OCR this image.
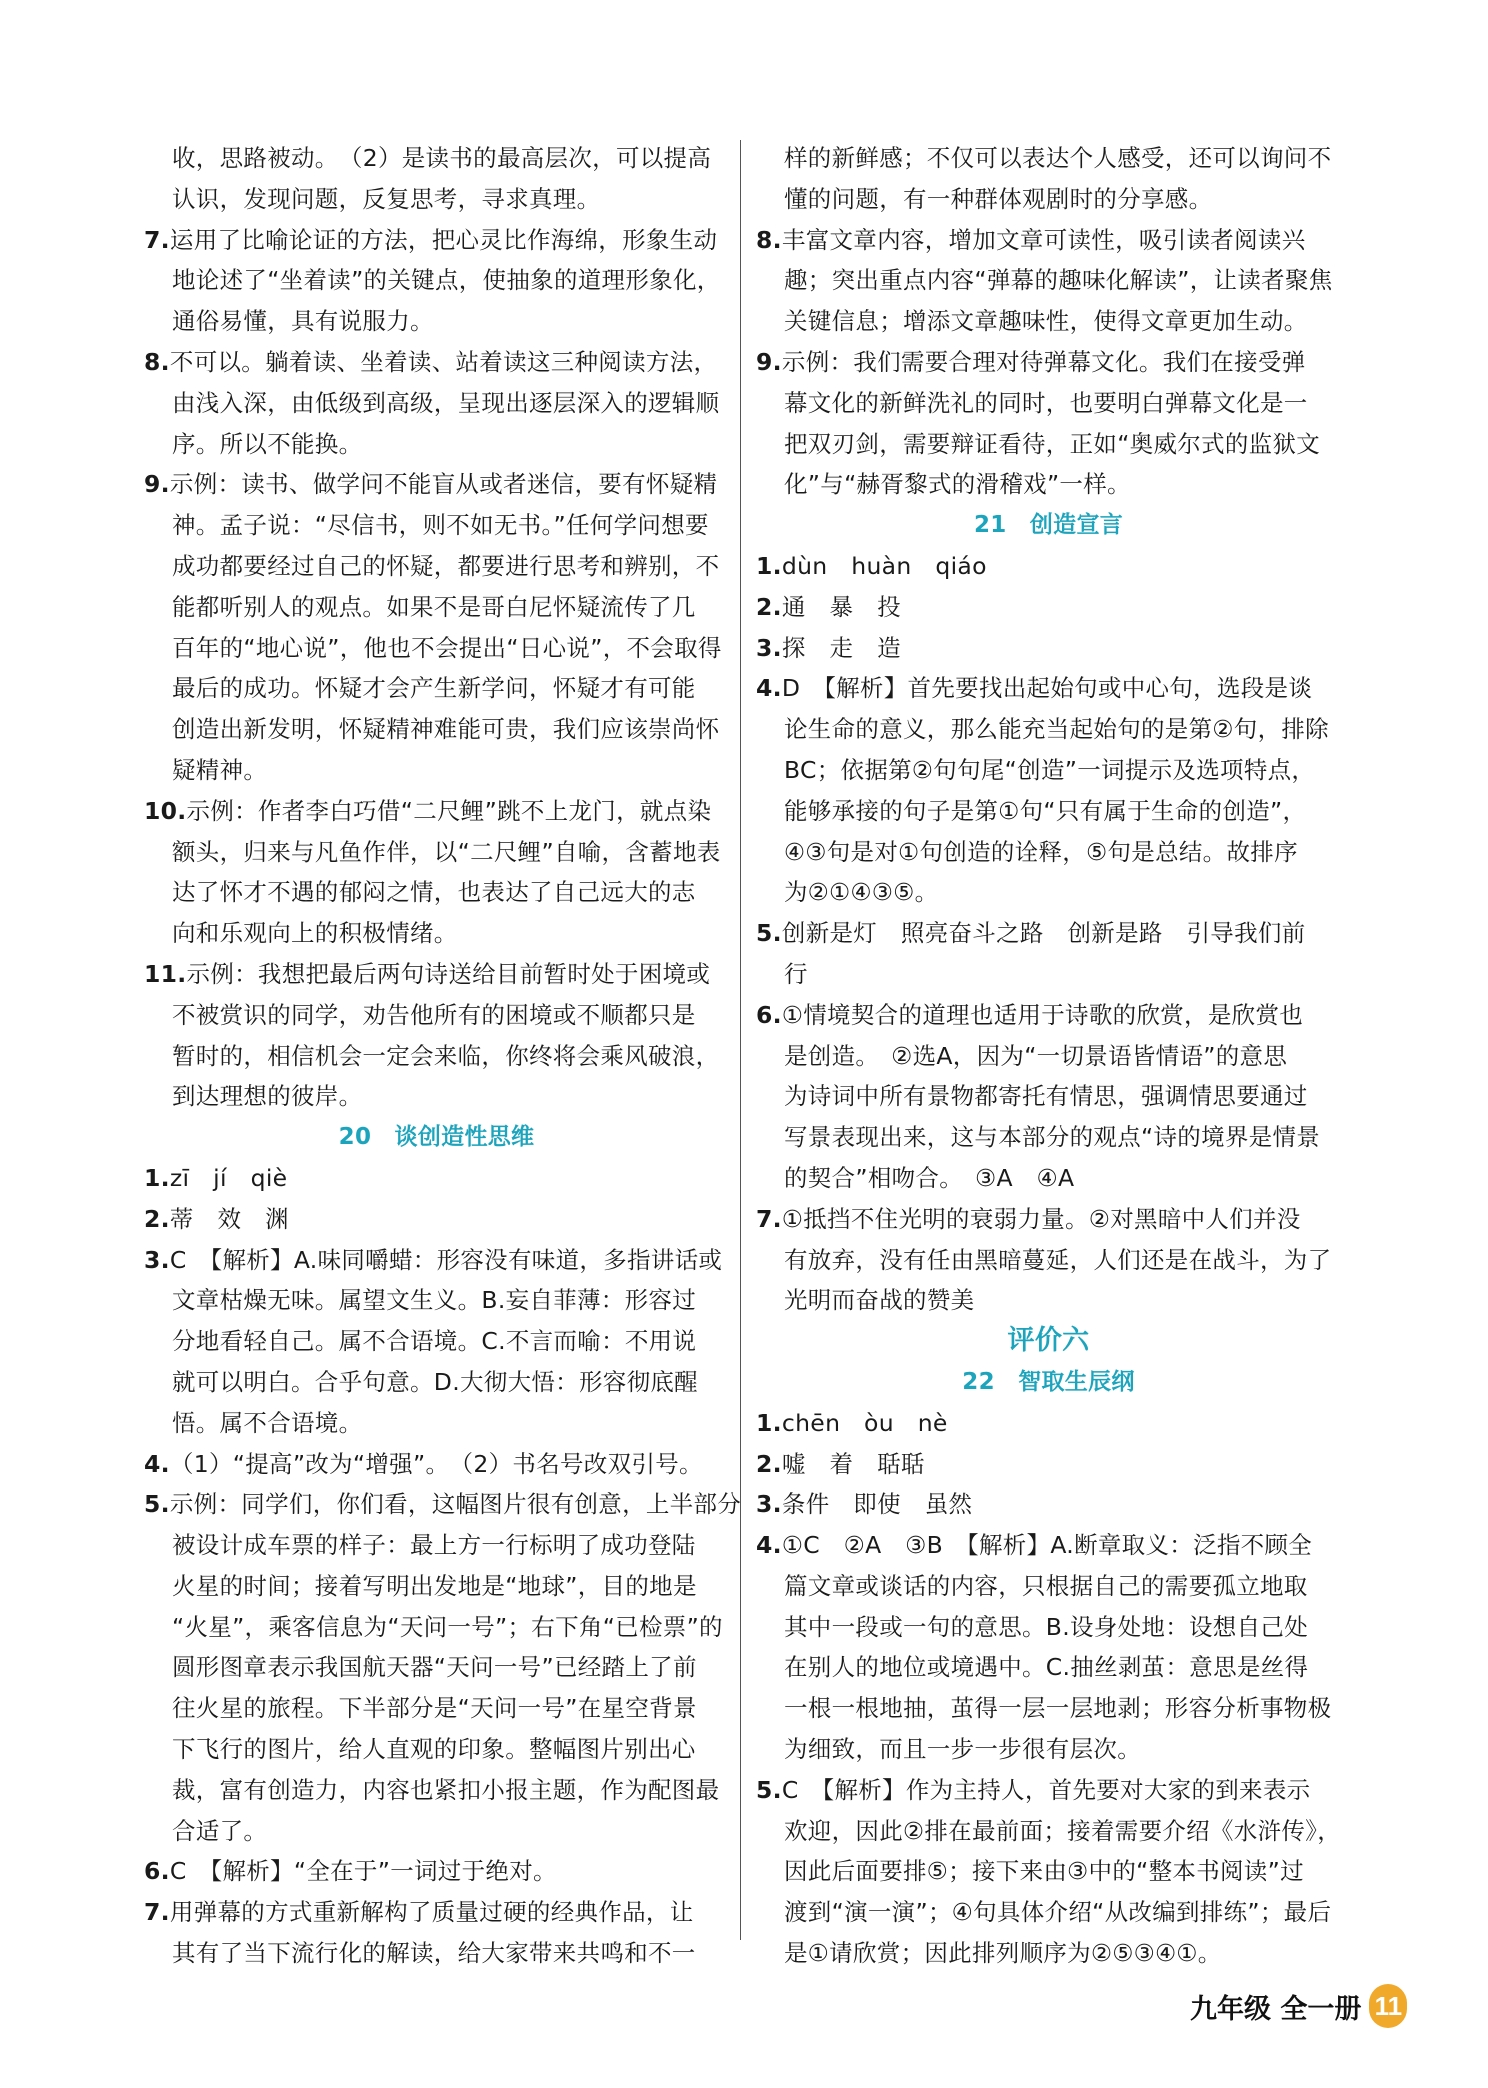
收，思路被动。　（2）是读书的最高层次，可以提高
认识，发现问题，反复思考，寻求真理。
7.运用了比喻论证的方法，把心灵比作海绵，形象生动
地论述了“坐着读”的关键点，使抽象的道理形象化，
通俗易懂，具有说服力。
8.不可以。躺着读、坐着读、站着读这三种阅读方法，
由浅入深，由低级到高级，呈现出逐层深入的逻辑顺
序。所以不能换。
9.示例：读书、做学问不能盲从或者迷信，要有怀疑精
神。孟子说：“尽信书，则不如无书。”任何学问想要
成功都要经过自己的怀疑，都要进行思考和辨别，不
能都听别人的观点。如果不是哥白尼怀疑流传了几
百年的“地心说”，他也不会提出“日心说”，不会取得
最后的成功。怀疑才会产生新学问，怀疑才有可能
创造出新发明，怀疑精神难能可贵，我们应该崇尚怀
疑精神。
10.示例：作者李白巧借“二尺鲤”跳不上龙门，就点染
额头，归来与凡鱼作伴，以“二尺鲤”自喻，含蓄地表
达了怀才不遇的郁闷之情，也表达了自己远大的志
向和乐观向上的积极情绪。
11.示例：我想把最后两句诗送给目前暂时处于困境或
不被赏识的同学，劝告他所有的困境或不顺都只是
暂时的，相信机会一定会来临，你终将会乘风破浪，
到达理想的彼岸。
20　谈创造性思维
1.zī　jí　qiè
2.蒂　效　渊
3.C　【解析】A.味同嚼蜡：形容没有味道，多指讲话或
文章枯燥无味。属望文生义。B.妄自菲薄：形容过
分地看轻自己。属不合语境。C.不言而喻：不用说
就可以明白。合乎句意。D.大彻大悟：形容彻底醒
悟。属不合语境。
4.（1）“提高”改为“增强”。　（2）书名号改双引号。
5.示例：同学们，你们看，这幅图片很有创意，上半部分
被设计成车票的样子：最上方一行标明了成功登陆
火星的时间；接着写明出发地是“地球”，目的地是
“火星”，乘客信息为“天问一号”；右下角“已检票”的
圆形图章表示我国航天器“天问一号”已经踏上了前
往火星的旅程。下半部分是“天问一号”在星空背景
下飞行的图片，给人直观的印象。整幅图片别出心
裁，富有创造力，内容也紧扣小报主题，作为配图最
合适了。
6.C　【解析】“全在于”一词过于绝对。
7.用弹幕的方式重新解构了质量过硬的经典作品，让
其有了当下流行化的解读，给大家带来共鸣和不一
样的新鲜感；不仅可以表达个人感受，还可以询问不
懂的问题，有一种群体观剧时的分享感。
8.丰富文章内容，增加文章可读性，吸引读者阅读兴
趣；突出重点内容“弹幕的趣味化解读”，让读者聚焦
关键信息；增添文章趣味性，使得文章更加生动。
9.示例：我们需要合理对待弹幕文化。我们在接受弹
幕文化的新鲜洗礼的同时，也要明白弹幕文化是一
把双刃剑，需要辩证看待，正如“奥威尔式的监狱文
化”与“赫胥黎式的滑稽戏”一样。
21　创造宣言
1.dùn　huàn　qiáo
2.通　暴　投
3.探　走　造
4.D　【解析】首先要找出起始句或中心句，选段是谈
论生命的意义，那么能充当起始句的是第②句，排除
BC；依据第②句句尾“创造”一词提示及选项特点，
能够承接的句子是第①句“只有属于生命的创造”，
④③句是对①句创造的诠释，⑤句是总结。故排序
为②①④③⑤。
5.创新是灯　照亮奋斗之路　创新是路　引导我们前
行
6.①情境契合的道理也适用于诗歌的欣赏，是欣赏也
是创造。　②选A，因为“一切景语皆情语”的意思
为诗词中所有景物都寄托有情思，强调情思要通过
写景表现出来，这与本部分的观点“诗的境界是情景
的契合”相吻合。　③A　④A
7.①抵挡不住光明的衰弱力量。②对黑暗中人们并没
有放弃，没有任由黑暗蔓延，人们还是在战斗，为了
光明而奋战的赞美
评价六
22　智取生辰纲
1.chēn　òu　nè
2.嘘　着　聒聒
3.条件　即使　虽然
4.①C　②A　③B　【解析】A.断章取义：泛指不顾全
篇文章或谈话的内容，只根据自己的需要孤立地取
其中一段或一句的意思。B.设身处地：设想自己处
在别人的地位或境遇中。C.抽丝剥茧：意思是丝得
一根一根地抽，茧得一层一层地剥；形容分析事物极
为细致，而且一步一步很有层次。
5.C　【解析】作为主持人，首先要对大家的到来表示
欢迎，因此②排在最前面；接着需要介绍《水浒传》，
因此后面要排⑤；接下来由③中的“整本书阅读”过
渡到“演一演”；④句具体介绍“从改编到排练”；最后
是①请欣赏；因此排列顺序为②⑤③④①。
九年级 全一册 11
